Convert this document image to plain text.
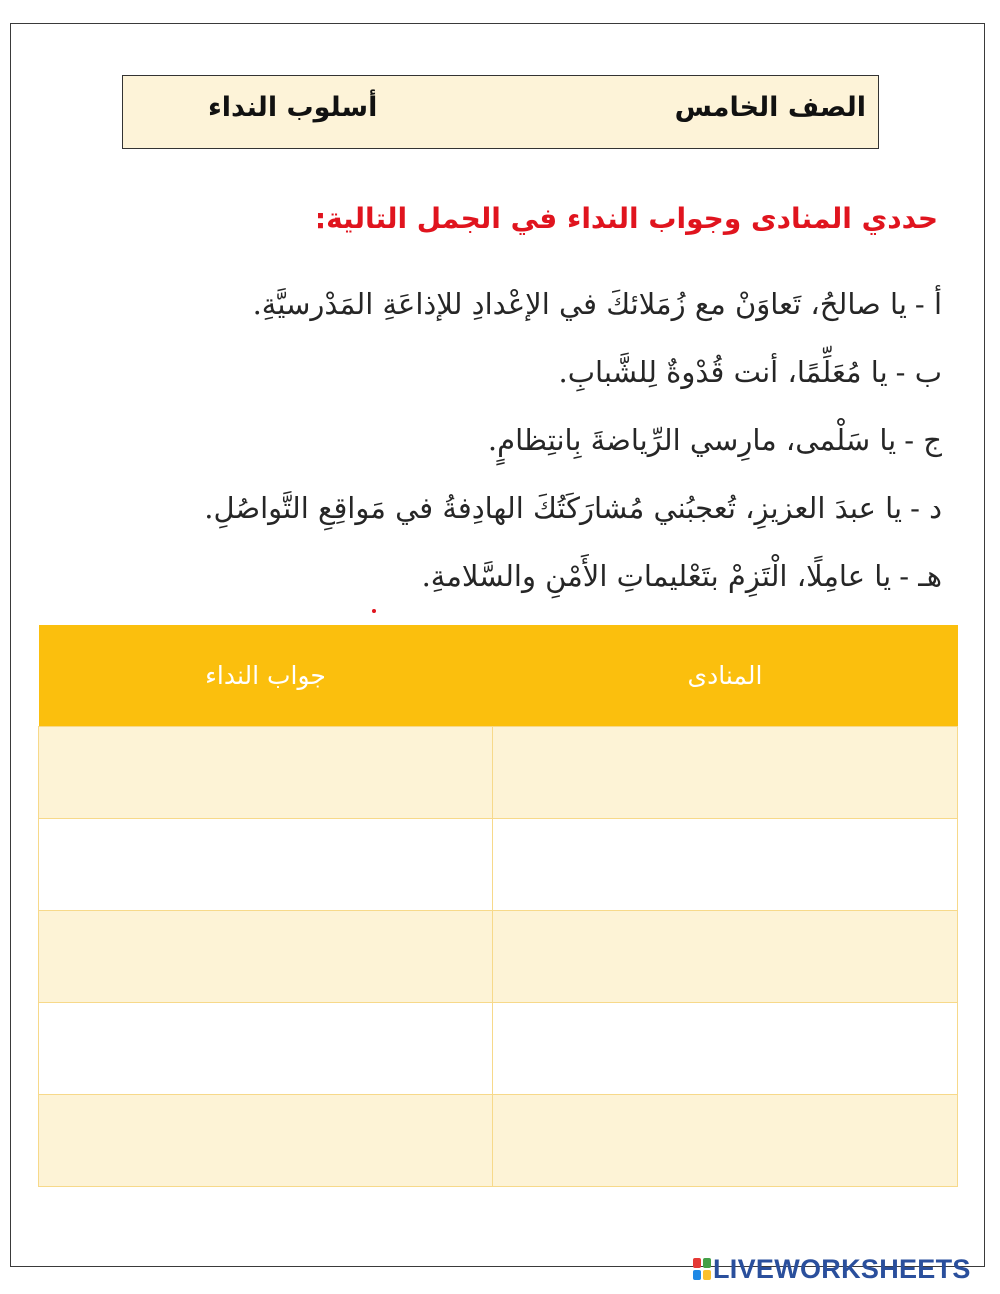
الصف الخامس
أسلوب النداء
حددي المنادى وجواب النداء في الجمل التالية:
أ -يا صالحُ، تَعاوَنْ مع زُمَلائكَ في الإعْدادِ للإذاعَةِ المَدْرسيَّةِ.
ب -يا مُعَلِّمًا، أنت قُدْوةٌ لِلشَّبابِ.
ج -يا سَلْمى، مارِسي الرِّياضةَ بِانتِظامٍ.
د -يا عبدَ العزيزِ، تُعجبُني مُشارَكَتُكَ الهادِفةُ في مَواقِعِ التَّواصُلِ.
هـ -يا عامِلًا، الْتَزِمْ بتَعْليماتِ الأَمْنِ والسَّلامةِ.
المنادى	جواب النداء

LIVEWORKSHEETS
